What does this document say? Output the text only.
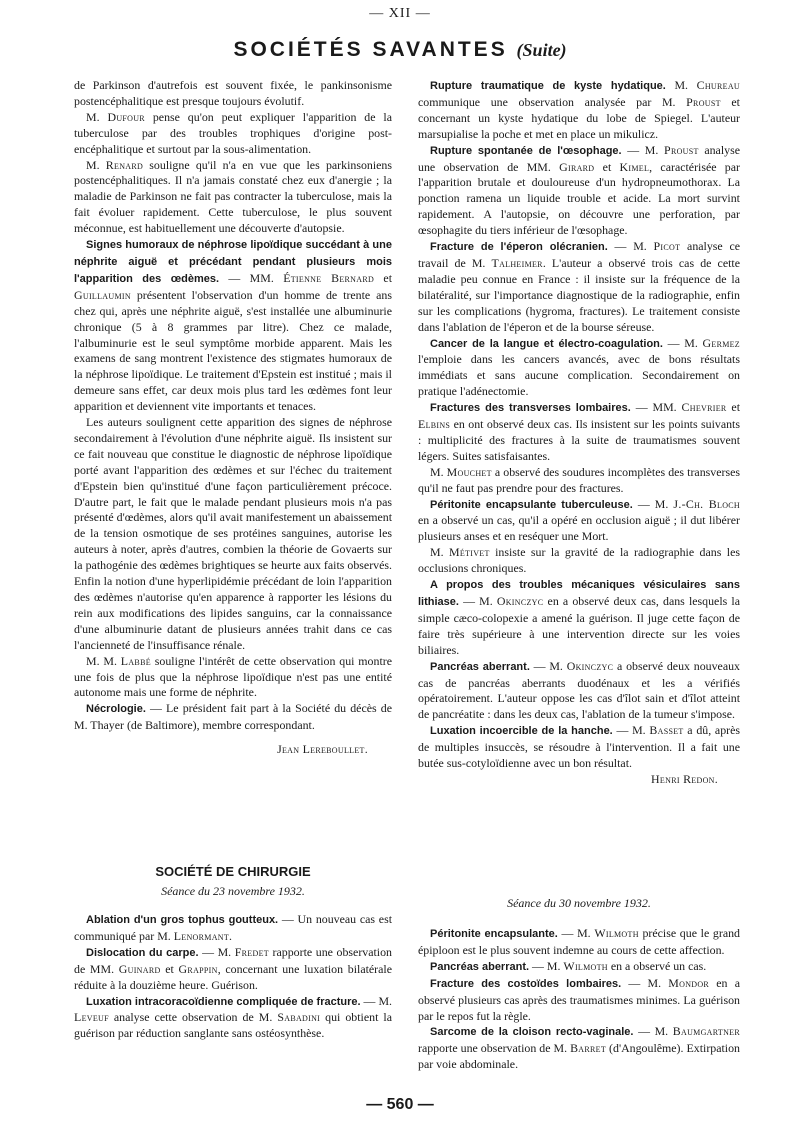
— XII —
SOCIÉTÉS SAVANTES (Suite)

de Parkinson d'autrefois est souvent fixée, le pankinsonisme postencéphalitique est presque toujours évolutif.

M. Dufour pense qu'on peut expliquer l'apparition de la tuberculose par des troubles trophiques d'origine post-encéphalitique et surtout par la sous-alimentation.

M. Renard souligne qu'il n'a en vue que les parkinsoniens postencéphalitiques. Il n'a jamais constaté chez eux d'anergie ; la maladie de Parkinson ne fait pas contracter la tuberculose, mais la fait évoluer rapidement. Cette tuberculose, le plus souvent méconnue, est habituellement une découverte d'autopsie.

Signes humoraux de néphrose lipoïdique succédant à une néphrite aiguë et précédant pendant plusieurs mois l'apparition des œdèmes. — MM. Étienne Bernard et Guillaumin présentent l'observation d'un homme de trente ans chez qui, après une néphrite aiguë, s'est installée une albuminurie chronique (5 à 8 grammes par litre). Chez ce malade, l'albuminurie est le seul symptôme morbide apparent. Mais les examens de sang montrent l'existence des stigmates humoraux de la néphrose lipoïdique. Le traitement d'Epstein est institué ; mais il demeure sans effet, car deux mois plus tard les œdèmes font leur apparition et deviennent vite importants et tenaces.

Les auteurs soulignent cette apparition des signes de néphrose secondairement à l'évolution d'une néphrite aiguë. Ils insistent sur ce fait nouveau que constitue le diagnostic de néphrose lipoïdique porté avant l'apparition des œdèmes et sur l'échec du traitement d'Epstein bien qu'institué d'une façon particulièrement précoce. D'autre part, le fait que le malade pendant plusieurs mois n'a pas présenté d'œdèmes, alors qu'il avait manifestement un abaissement de la tension osmotique de ses protéines sanguines, autorise les auteurs à noter, après d'autres, combien la théorie de Govaerts sur la pathogénie des œdèmes brightiques se heurte aux faits observés. Enfin la notion d'une hyperlipidémie précédant de loin l'apparition des œdèmes n'autorise qu'en apparence à rapporter les lésions du rein aux modifications des lipides sanguins, car la connaissance d'une albuminurie datant de plusieurs années trahit dans ce cas l'ancienneté de l'insuffisance rénale.

M. M. Labbé souligne l'intérêt de cette observation qui montre une fois de plus que la néphrose lipoïdique n'est pas une entité autonome mais une forme de néphrite.

Nécrologie. — Le président fait part à la Société du décès de M. Thayer (de Baltimore), membre correspondant.

Jean Lereboullet.

Rupture traumatique de kyste hydatique. M. Chureau communique une observation analysée par M. Proust et concernant un kyste hydatique du lobe de Spiegel. L'auteur marsupialise la poche et met en place un mikulicz.

Rupture spontanée de l'œsophage. — M. Proust analyse une observation de MM. Girard et Kimel, caractérisée par l'apparition brutale et douloureuse d'un hydropneumothorax. La ponction ramena un liquide trouble et acide. La mort survint rapidement. A l'autopsie, on découvre une perforation, par œsophagite du tiers inférieur de l'œsophage.

Fracture de l'éperon olécranien. — M. Picot analyse ce travail de M. Talheimer. L'auteur a observé trois cas de cette maladie peu connue en France : il insiste sur la fréquence de la bilatéralité, sur l'importance diagnostique de la radiographie, enfin sur les complications (hygroma, fractures). Le traitement consiste dans l'ablation de l'éperon et de la bourse séreuse.

Cancer de la langue et électro-coagulation. — M. Germez l'emploie dans les cancers avancés, avec de bons résultats immédiats et sans aucune complication. Secondairement on pratique l'adénectomie.

Fractures des transverses lombaires. — MM. Chevrier et Elbins en ont observé deux cas. Ils insistent sur les points suivants : multiplicité des fractures à la suite de traumatismes souvent légers. Suites satisfaisantes.

M. Mouchet a observé des soudures incomplètes des transverses qu'il ne faut pas prendre pour des fractures.

Péritonite encapsulante tuberculeuse. — M. J.-Ch. Bloch en a observé un cas, qu'il a opéré en occlusion aiguë ; il dut libérer plusieurs anses et en reséquer une Mort.

M. Métivet insiste sur la gravité de la radiographie dans les occlusions chroniques.

A propos des troubles mécaniques vésiculaires sans lithiase. — M. Okinczyc en a observé deux cas, dans lesquels la simple cæco-colopexie a amené la guérison. Il juge cette façon de faire très supérieure à une intervention directe sur les voies biliaires.

Pancréas aberrant. — M. Okinczyc a observé deux nouveaux cas de pancréas aberrants duodénaux et les a vérifiés opératoirement. L'auteur oppose les cas d'îlot sain et d'îlot atteint de pancréatite : dans les deux cas, l'ablation de la tumeur s'impose.

Luxation incoercible de la hanche. — M. Basset a dû, après de multiples insuccès, se résoudre à l'intervention. Il a fait une butée sus-cotyloïdienne avec un bon résultat.

Henri Redon.

SOCIÉTÉ DE CHIRURGIE
Séance du 23 novembre 1932.
Séance du 30 novembre 1932.

Ablation d'un gros tophus goutteux. — Un nouveau cas est communiqué par M. Lenormant.

Dislocation du carpe. — M. Fredet rapporte une observation de MM. Guinard et Grappin, concernant une luxation bilatérale réduite à la douzième heure. Guérison.

Luxation intracoracoïdienne compliquée de fracture. — M. Leveuf analyse cette observation de M. Sabadini qui obtient la guérison par réduction sanglante sans ostéosynthèse.

Péritonite encapsulante. — M. Wilmoth précise que le grand épiploon est le plus souvent indemne au cours de cette affection.

Pancréas aberrant. — M. Wilmoth en a observé un cas.

Fracture des costoïdes lombaires. — M. Mondor en a observé plusieurs cas après des traumatismes minimes. La guérison par le repos fut la règle.

Sarcome de la cloison recto-vaginale. — M. Baumgartner rapporte une observation de M. Barret (d'Angoulême). Extirpation par voie abdominale.

— 560 —
